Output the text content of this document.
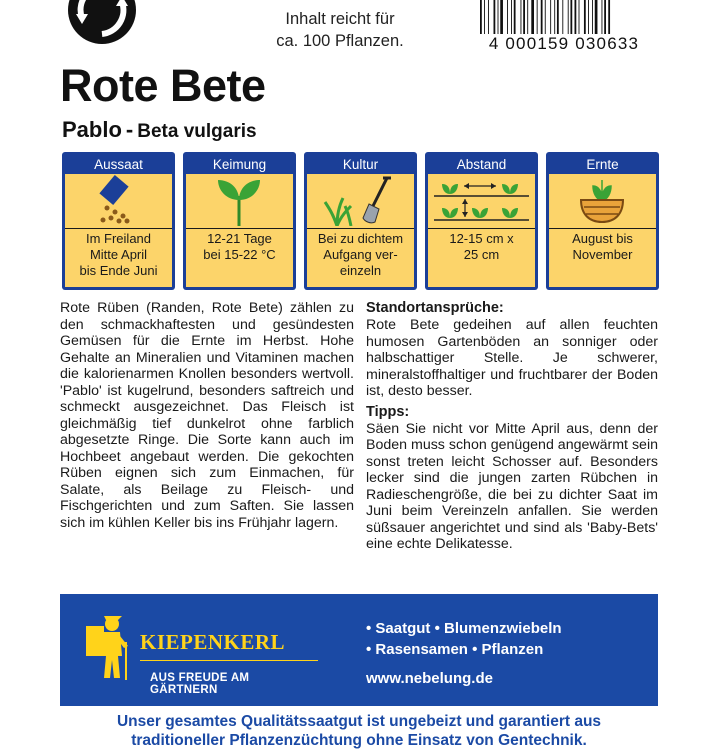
Inhalt reicht für
ca. 100 Pflanzen.	4 000159 030633
Rote Bete
Pablo - Beta vulgaris
Aussaat
Im Freiland
Mitte April
bis Ende Juni
Keimung
12-21 Tage
bei 15-22 °C
Kultur
Bei zu dichtem
Aufgang ver-
einzeln
Abstand
12-15 cm x
25 cm
Ernte
August bis
November

Rote Rüben (Randen, Rote Bete) zählen zu den schmackhaftesten und gesündesten Gemüsen für die Ernte im Herbst. Hohe Gehalte an Mineralien und Vitaminen machen die kalorienarmen Knollen besonders wertvoll. 'Pablo' ist kugelrund, besonders saftreich und schmeckt ausgezeichnet. Das Fleisch ist gleichmäßig tief dunkelrot ohne farblich abgesetzte Ringe. Die Sorte kann auch im Hochbeet angebaut werden. Die gekochten Rüben eignen sich zum Einmachen, für Salate, als Beilage zu Fleisch- und Fischgerichten und zum Saften. Sie lassen sich im kühlen Keller bis ins Frühjahr lagern.

Standortansprüche:

Rote Bete gedeihen auf allen feuchten humosen Gartenböden an sonniger oder halbschattiger Stelle. Je schwerer, mineralstoffhaltiger und fruchtbarer der Boden ist, desto besser.

Tipps:

Säen Sie nicht vor Mitte April aus, denn der Boden muss schon genügend angewärmt sein sonst treten leicht Schosser auf. Besonders lecker sind die jungen zarten Rübchen in Radieschengröße, die bei zu dichter Saat im Juni beim Vereinzeln anfallen. Sie werden süßsauer angerichtet und sind als 'Baby-Bets' eine echte Delikatesse.

KIEPENKERL
AUS FREUDE AM GÄRTNERN
• Saatgut • Blumenzwiebeln
• Rasensamen • Pflanzen
www.nebelung.de
Unser gesamtes Qualitätssaatgut ist ungebeizt und garantiert aus
traditioneller Pflanzenzüchtung ohne Einsatz von Gentechnik.
